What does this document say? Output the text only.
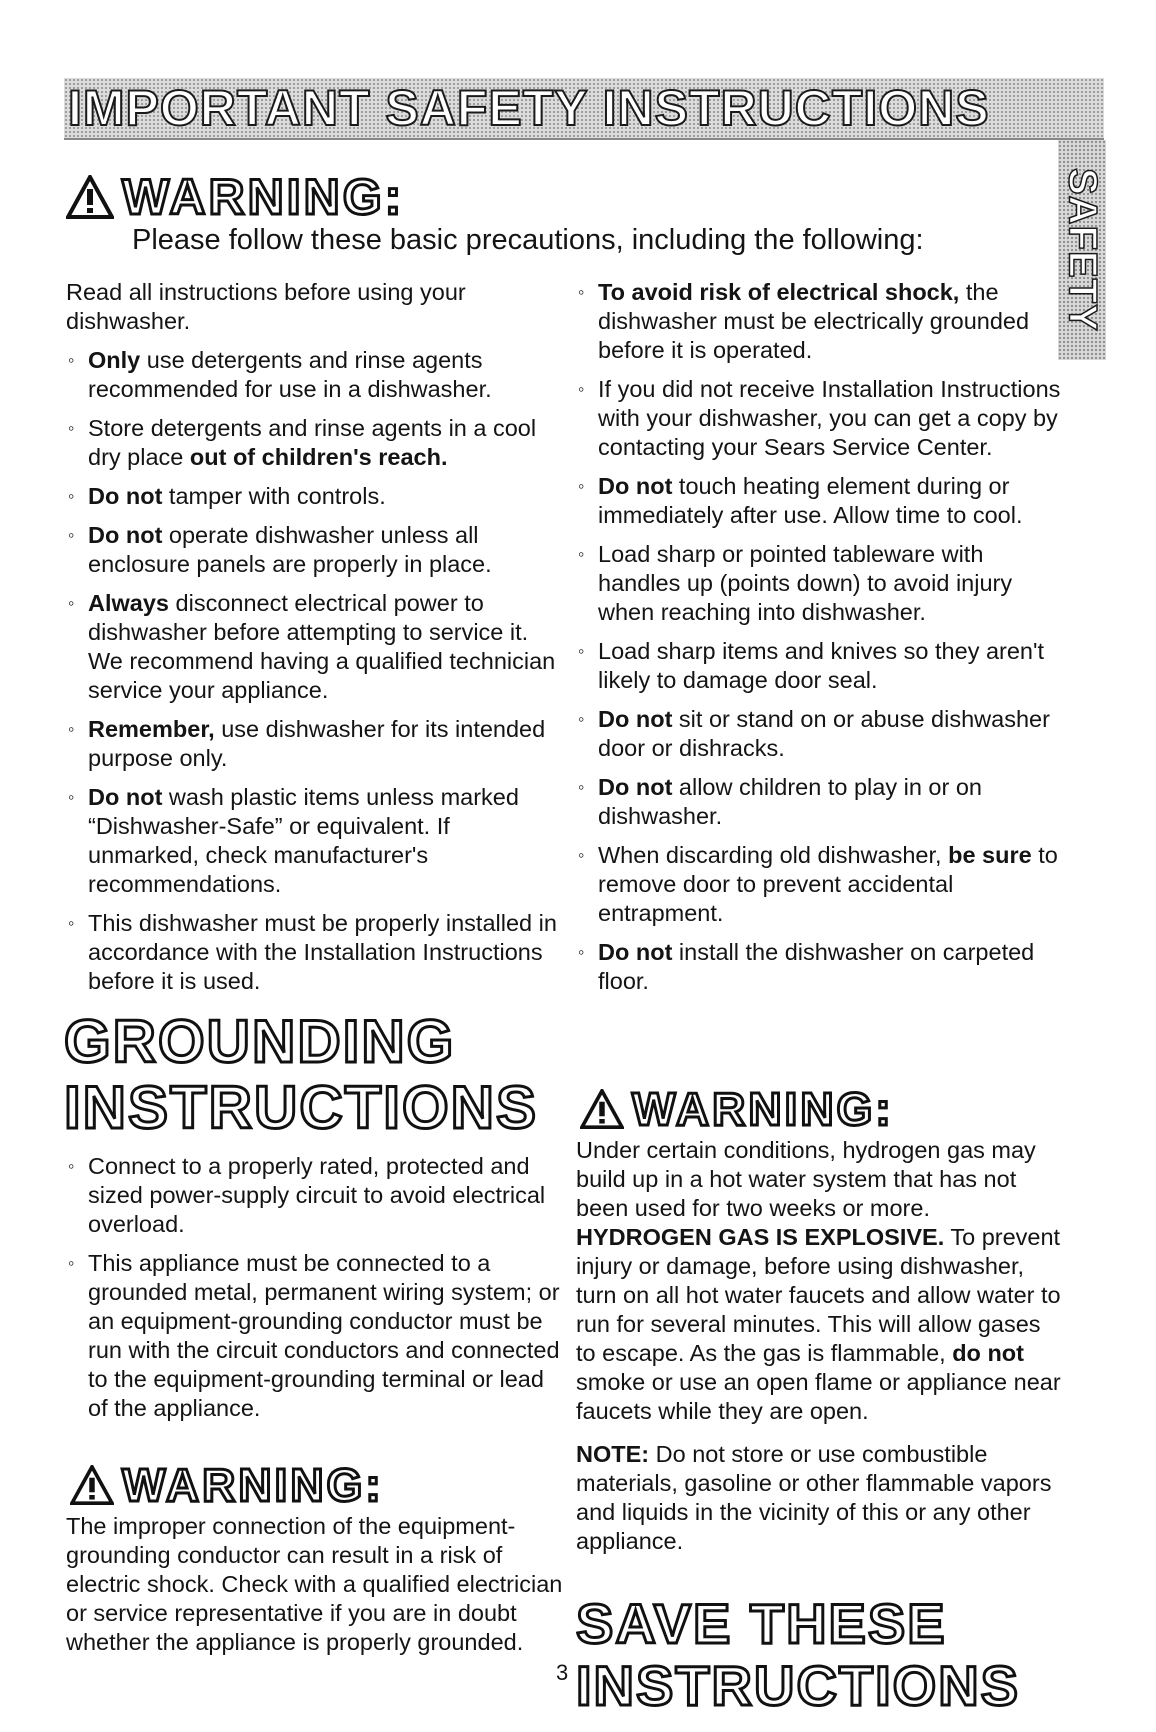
IMPORTANT SAFETY INSTRUCTIONS
SAFETY
WARNING:
Please follow these basic precautions, including the following:

Read all instructions before using your dishwasher.

◦ Only use detergents and rinse agents recommended for use in a dishwasher.
◦ Store detergents and rinse agents in a cool dry place out of children's reach.
◦ Do not tamper with controls.
◦ Do not operate dishwasher unless all enclosure panels are properly in place.
◦ Always disconnect electrical power to dishwasher before attempting to service it. We recommend having a qualified technician service your appliance.
◦ Remember, use dishwasher for its intended purpose only.
◦ Do not wash plastic items unless marked “Dishwasher-Safe” or equivalent. If unmarked, check manufacturer's recommendations.
◦ This dishwasher must be properly installed in accordance with the Installation Instructions before it is used.
GROUNDING
INSTRUCTIONS
◦ Connect to a properly rated, protected and sized power-supply circuit to avoid electrical overload.
◦ This appliance must be connected to a grounded metal, permanent wiring system; or an equipment-grounding conductor must be run with the circuit conductors and connected to the equipment-grounding terminal or lead of the appliance.
WARNING:
The improper connection of the equipment-grounding conductor can result in a risk of electric shock. Check with a qualified electrician or service representative if you are in doubt whether the appliance is properly grounded.
◦ To avoid risk of electrical shock, the dishwasher must be electrically grounded before it is operated.
◦ If you did not receive Installation Instructions with your dishwasher, you can get a copy by contacting your Sears Service Center.
◦ Do not touch heating element during or immediately after use. Allow time to cool.
◦ Load sharp or pointed tableware with handles up (points down) to avoid injury when reaching into dishwasher.
◦ Load sharp items and knives so they aren't likely to damage door seal.
◦ Do not sit or stand on or abuse dishwasher door or dishracks.
◦ Do not allow children to play in or on dishwasher.
◦ When discarding old dishwasher, be sure to remove door to prevent accidental entrapment.
◦ Do not install the dishwasher on carpeted floor.
WARNING:

Under certain conditions, hydrogen gas may build up in a hot water system that has not been used for two weeks or more. HYDROGEN GAS IS EXPLOSIVE. To prevent injury or damage, before using dishwasher, turn on all hot water faucets and allow water to run for several minutes. This will allow gases to escape. As the gas is flammable, do not smoke or use an open flame or appliance near faucets while they are open.

NOTE: Do not store or use combustible materials, gasoline or other flammable vapors and liquids in the vicinity of this or any other appliance.

SAVE THESE
INSTRUCTIONS
3
